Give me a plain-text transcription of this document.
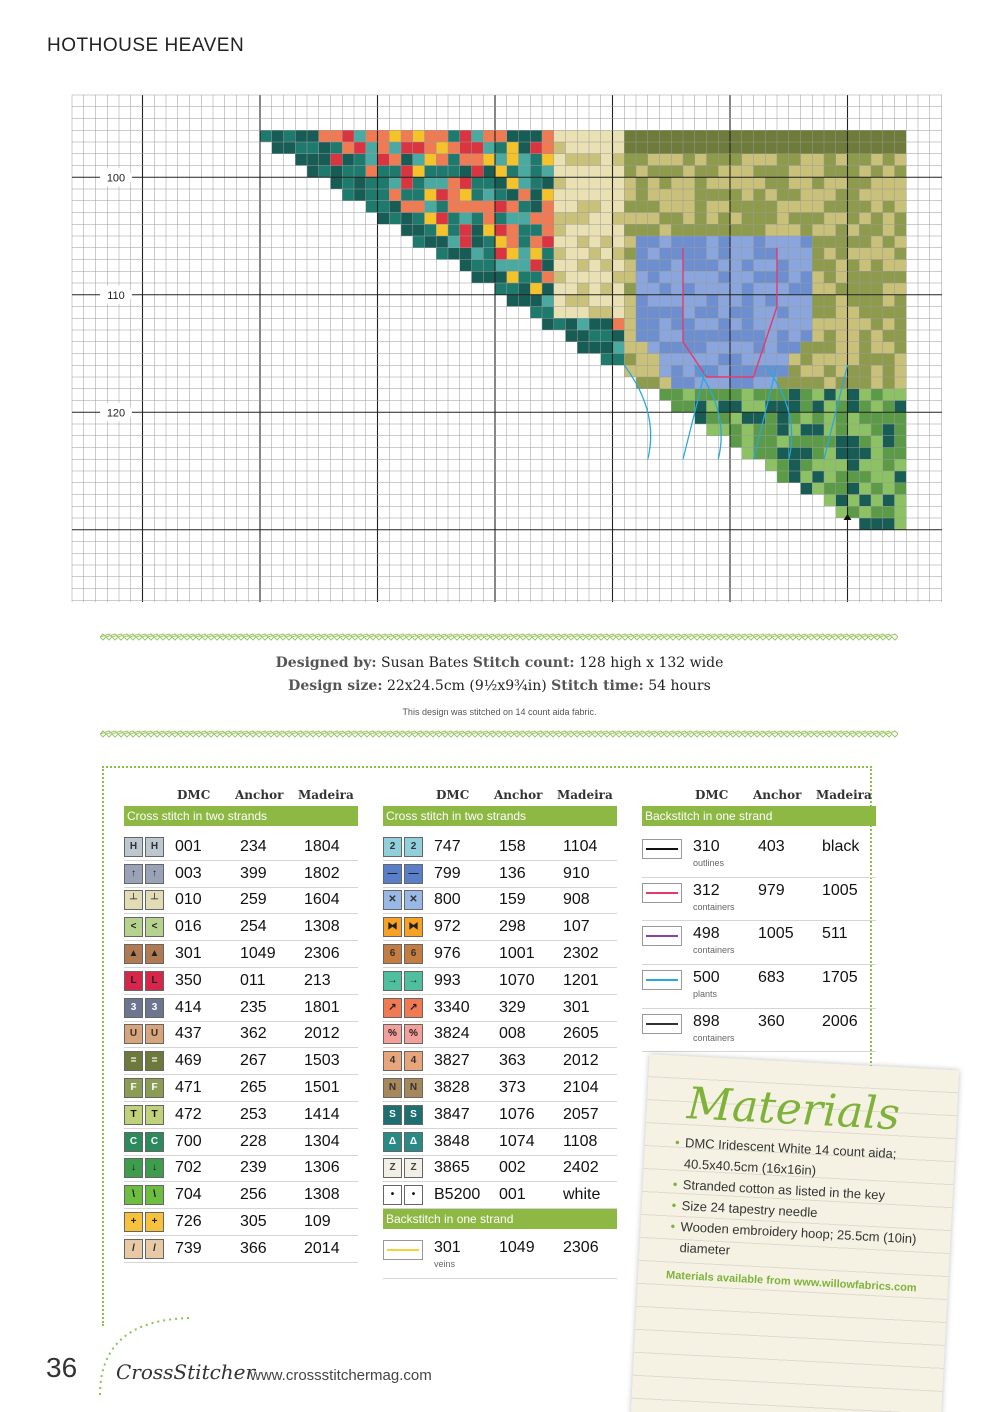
HOTHOUSE HEAVEN
100
110
120
Designed by: Susan Bates Stitch count: 128 high x 132 wide
Design size: 22x24.5cm (9½x9¾in) Stitch time: 54 hours
This design was stitched on 14 count aida fabric.
DMC	Anchor	Madeira
Cross stitch in two strands
H	H	001	234	1804
↑	↑	003	399	1802
┴	┴	010	259	1604
<	<	016	254	1308
▲	▲ 301	1049	2306
L	L	350	011	213
3	3	414	235	1801
U	U	437	362	2012
=	=	469	267	1503
F	F	471	265	1501
T	T	472	253	1414
C	C	700	228	1304
↓	↓	702	239	1306
\	\	704	256	1308
+	+	726	305	109
/	/	739	366	2014
DMC	Anchor	Madeira
Cross stitch in two strands
2	2	747	158	1104
—	— 799	136	910
✕	✕	800	159	908
⧓	⧓ 972	298	107
6	6	976	1001	2302
→	→ 993	1070	1201
↗	↗	3340	329	301
%	%	3824	008	2605
4	4	3827	363	2012
N	N	3828	373	2104
S	S	3847	1076	2057
Δ	Δ	3848	1074	1108
Z	Z	3865	002	2402
•	•	B5200	001	white
Backstitch in one strand
301	1049	2306
veins
DMC	Anchor	Madeira
Backstitch in one strand
310	403	black
outlines
312	979	1005
containers
498	1005	511
containers
500	683	1705
plants
898	360	2006
containers
Materials
• DMC Iridescent White 14 count aida; 40.5x40.5cm (16x16in)
• Stranded cotton as listed in the key
• Size 24 tapestry needle
• Wooden embroidery hoop; 25.5cm (10in) diameter
Materials available from www.willowfabrics.com
36 CrossStitcher
www.crossstitchermag.com
